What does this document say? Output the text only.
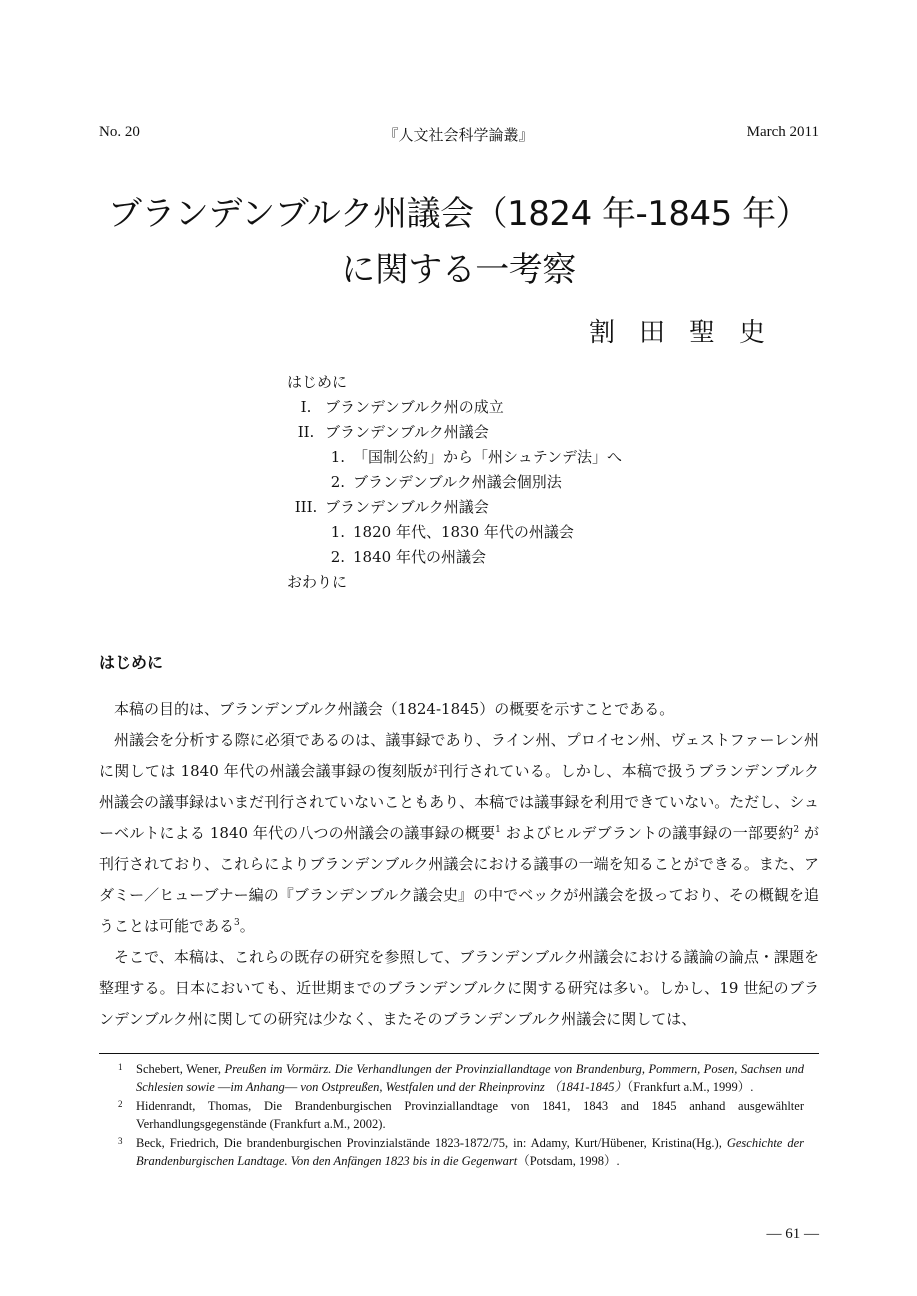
No. 20	『人文社会科学論叢』	March 2011
ブランデンブルク州議会（1824 年-1845 年）
に関する一考察
割田聖史
はじめに
I. ブランデンブルク州の成立
II. ブランデンブルク州議会
1. 「国制公約」から「州シュテンデ法」へ
2. ブランデンブルク州議会個別法
III. ブランデンブルク州議会
1. 1820 年代、1830 年代の州議会
2. 1840 年代の州議会
おわりに
はじめに

本稿の目的は、ブランデンブルク州議会（1824-1845）の概要を示すことである。

州議会を分析する際に必須であるのは、議事録であり、ライン州、プロイセン州、ヴェストファーレン州に関しては 1840 年代の州議会議事録の復刻版が刊行されている。しかし、本稿で扱うブランデンブルク州議会の議事録はいまだ刊行されていないこともあり、本稿では議事録を利用できていない。ただし、シューベルトによる 1840 年代の八つの州議会の議事録の概要$^1$ およびヒルデブラントの議事録の一部要約$^2$ が刊行されており、これらによりブランデンブルク州議会における議事の一端を知ることができる。また、アダミー／ヒューブナー編の『ブランデンブルク議会史』の中でベックが州議会を扱っており、その概観を追うことは可能である$^3$。

そこで、本稿は、これらの既存の研究を参照して、ブランデンブルク州議会における議論の論点・課題を整理する。日本においても、近世期までのブランデンブルクに関する研究は多い。しかし、19 世紀のブランデンブルク州に関しての研究は少なく、またそのブランデンブルク州議会に関しては、

1 Schebert, Wener, Preußen im Vormärz. Die Verhandlungen der Provinziallandtage von Brandenburg, Pommern, Posen, Sachsen und Schlesien sowie ―im Anhang― von Ostpreußen, Westfalen und der Rheinprovinz （1841-1845）（Frankfurt a.M., 1999）.
2 Hidenrandt, Thomas, Die Brandenburgischen Provinziallandtage von 1841, 1843 and 1845 anhand ausgewählter Verhandlungsgegenstände (Frankfurt a.M., 2002).
3 Beck, Friedrich, Die brandenburgischen Provinzialstände 1823-1872/75, in: Adamy, Kurt/Hübener, Kristina(Hg.), Geschichte der Brandenburgischen Landtage. Von den Anfängen 1823 bis in die Gegenwart（Potsdam, 1998）.
― 61 ―
